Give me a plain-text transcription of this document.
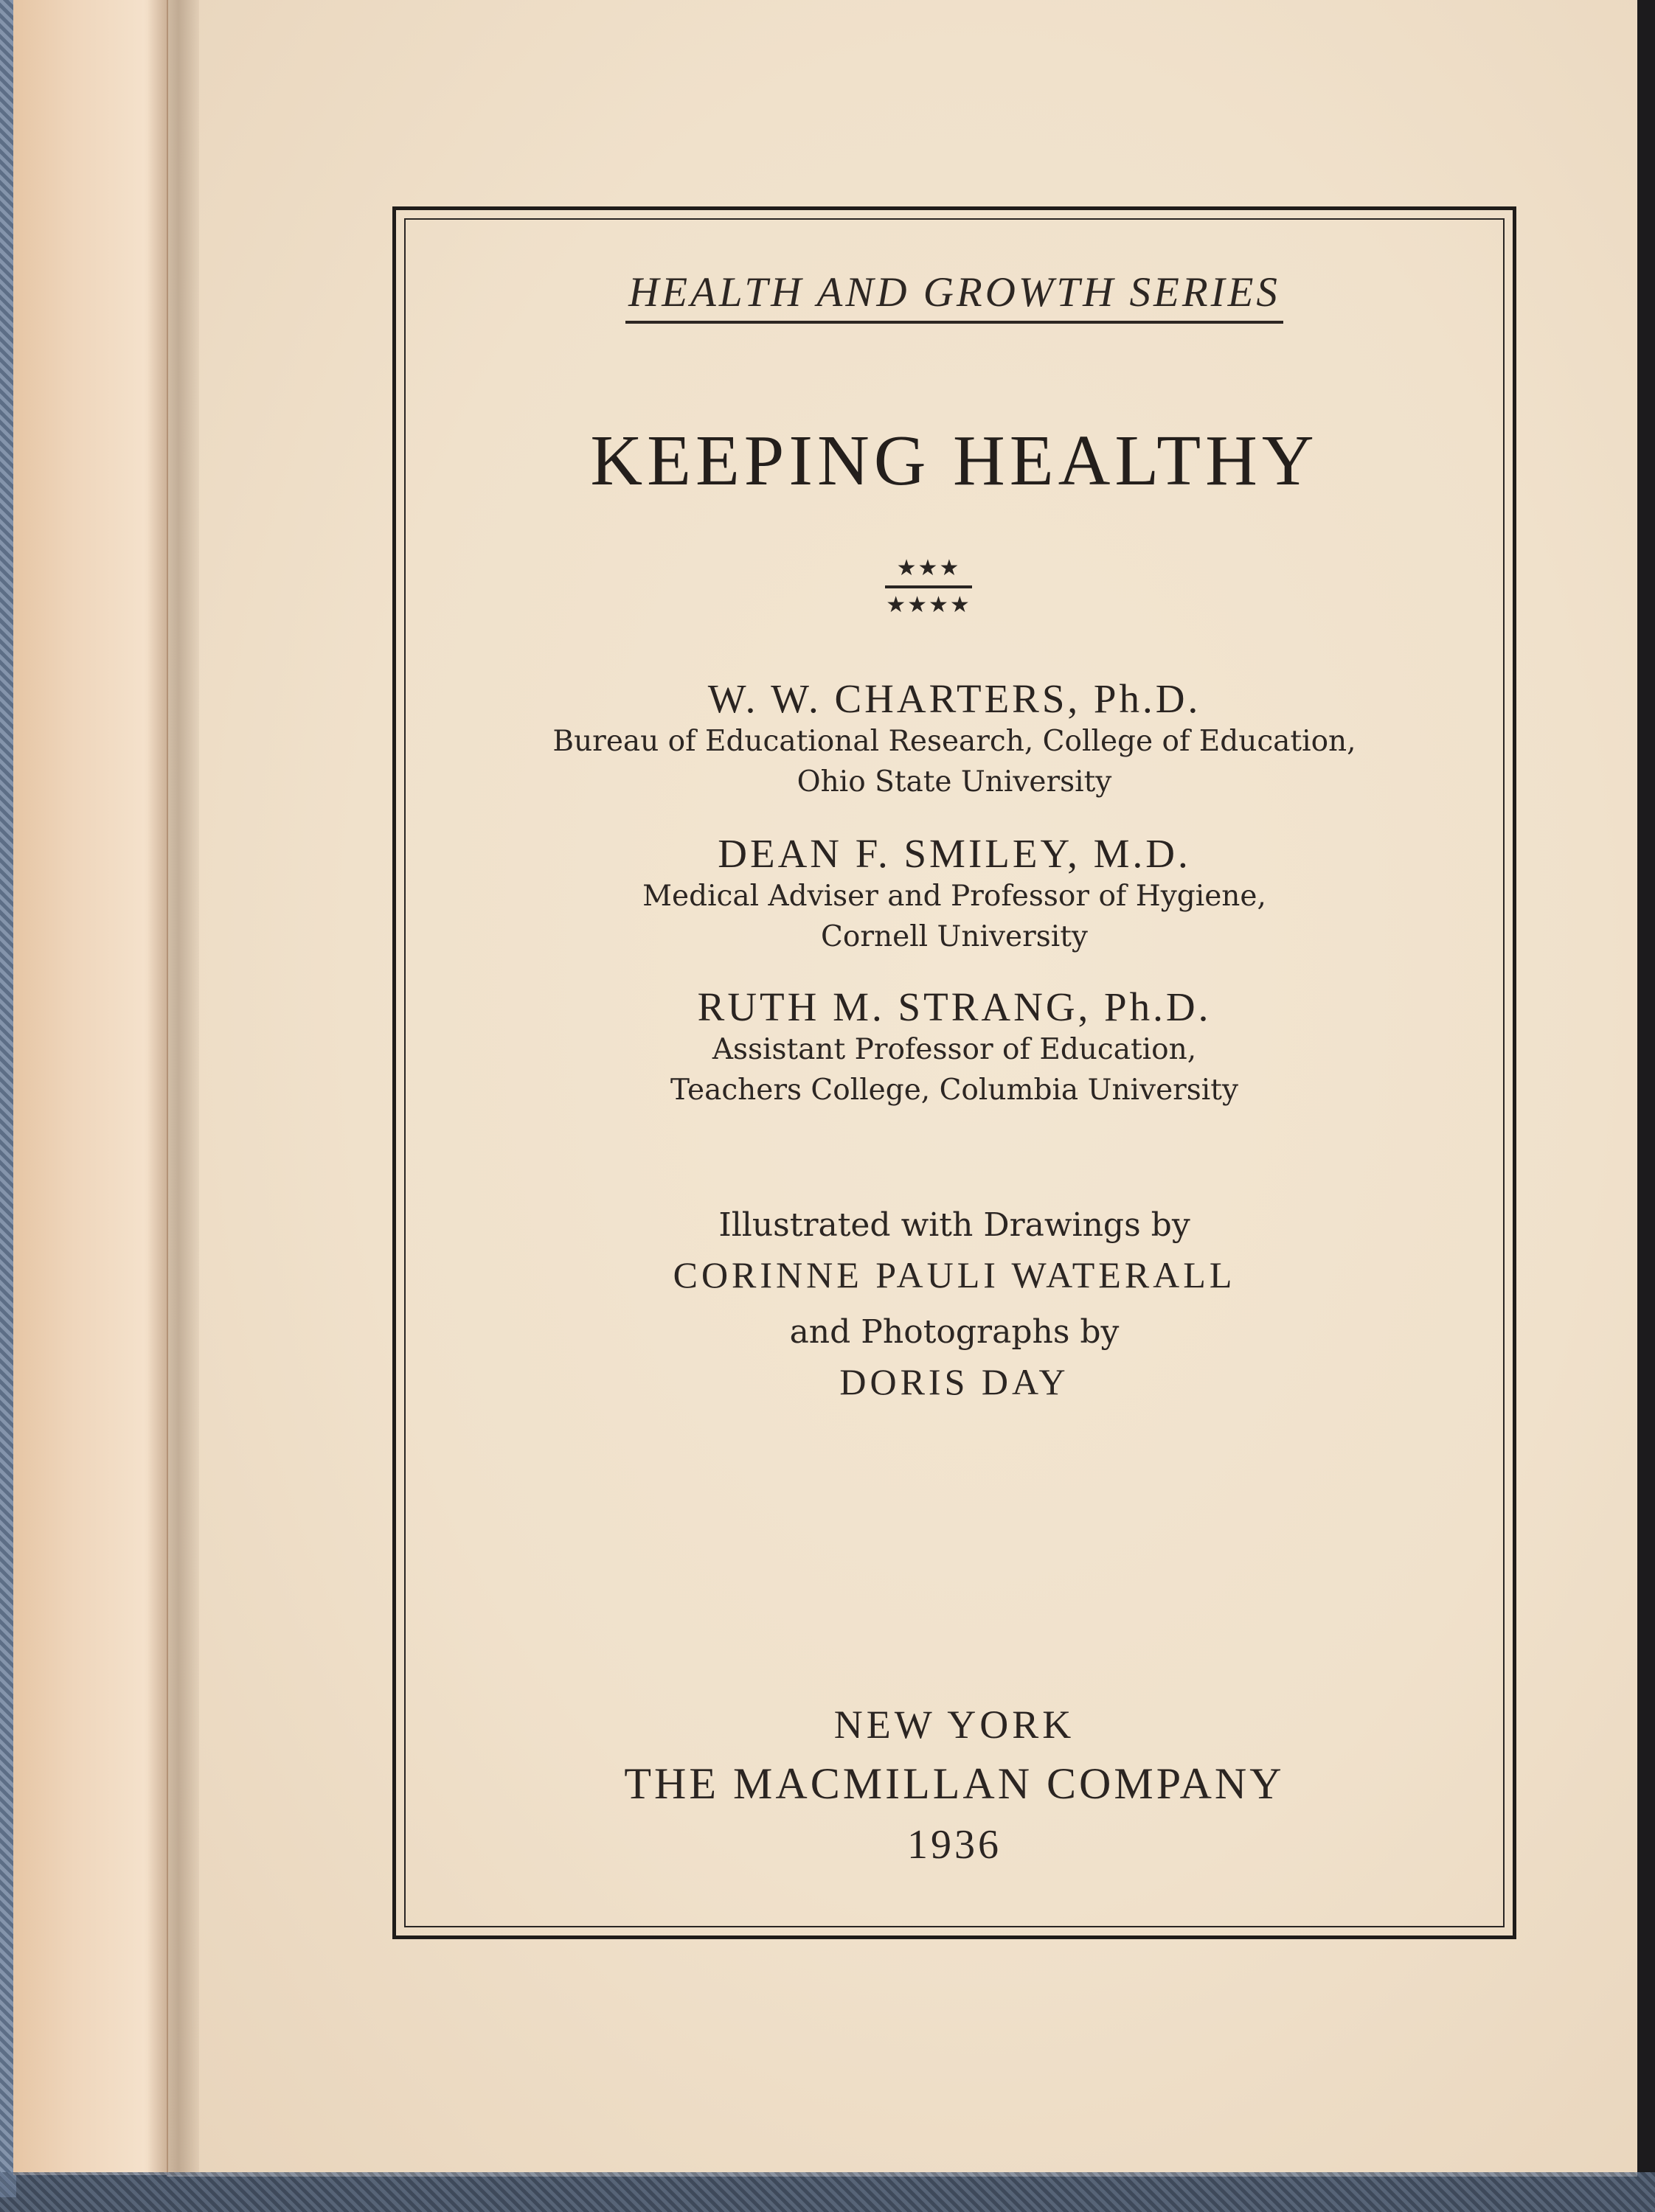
HEALTH AND GROWTH SERIES
KEEPING HEALTHY
★★★
★★★★
W. W. CHARTERS, Ph.D.
Bureau of Educational Research, College of Education,
Ohio State University
DEAN F. SMILEY, M.D.
Medical Adviser and Professor of Hygiene,
Cornell University
RUTH M. STRANG, Ph.D.
Assistant Professor of Education,
Teachers College, Columbia University
Illustrated with Drawings by
CORINNE PAULI WATERALL
and Photographs by
DORIS DAY
NEW YORK
THE MACMILLAN COMPANY
1936
